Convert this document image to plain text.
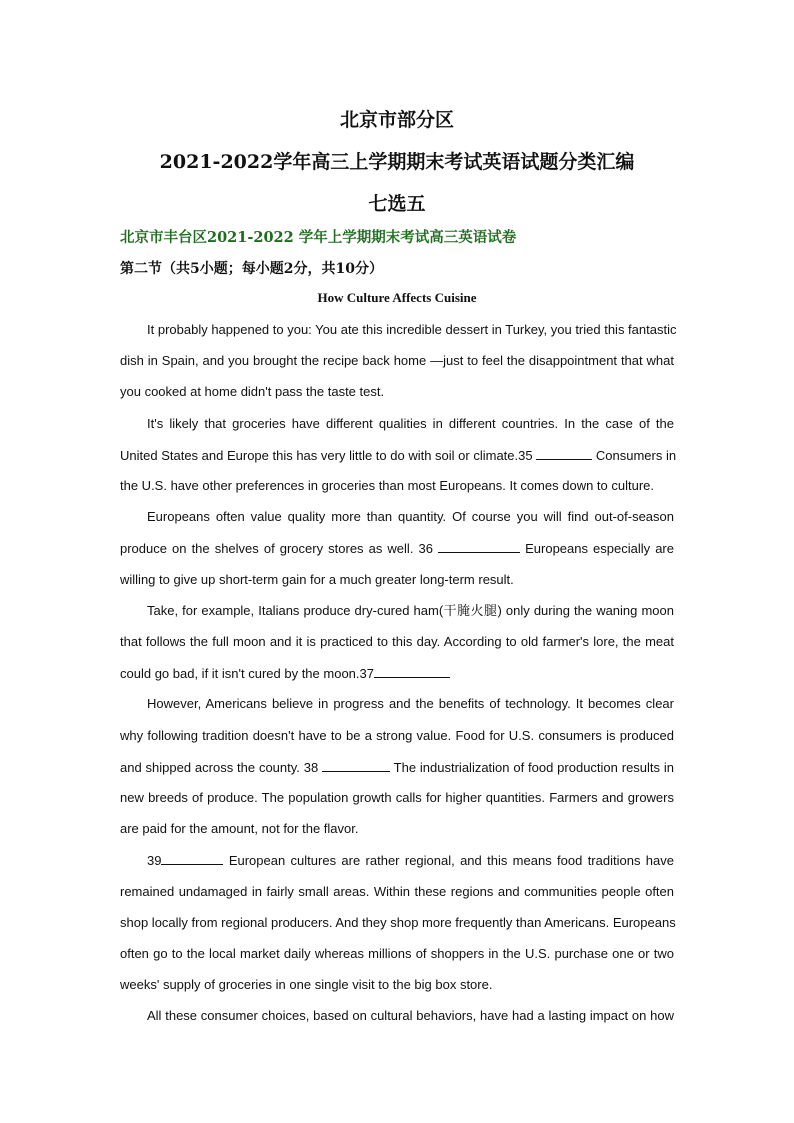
北京市部分区
2021-2022学年高三上学期期末考试英语试题分类汇编
七选五
北京市丰台区2021-2022 学年上学期期末考试高三英语试卷
第二节（共5小题；每小题2分，共10分）
How Culture Affects Cuisine
It probably happened to you: You ate this incredible dessert in Turkey, you tried this fantastic
dish in Spain, and you brought the recipe back home —just to feel the disappointment that what
you cooked at home didn't pass the taste test.
It's likely that groceries have different qualities in different countries. In the case of the
United States and Europe this has very little to do with soil or climate.35	Consumers in
the U.S. have other preferences in groceries than most Europeans. It comes down to culture.
Europeans often value quality more than quantity. Of course you will find out-of-season
produce on the shelves of grocery stores as well. 36	Europeans especially are
willing to give up short-term gain for a much greater long-term result.
Take, for example, Italians produce dry-cured ham(干腌火腿) only during the waning moon
that follows the full moon and it is practiced to this day. According to old farmer's lore, the meat
could go bad, if it isn't cured by the moon.37
However, Americans believe in progress and the benefits of technology. It becomes clear
why following tradition doesn't have to be a strong value. Food for U.S. consumers is produced
and shipped across the county. 38	The industrialization of food production results in
new breeds of produce. The population growth calls for higher quantities. Farmers and growers
are paid for the amount, not for the flavor.
39	European cultures are rather regional, and this means food traditions have
remained undamaged in fairly small areas. Within these regions and communities people often
shop locally from regional producers. And they shop more frequently than Americans. Europeans
often go to the local market daily whereas millions of shoppers in the U.S. purchase one or two
weeks' supply of groceries in one single visit to the big box store.
All these consumer choices, based on cultural behaviors, have had a lasting impact on how
